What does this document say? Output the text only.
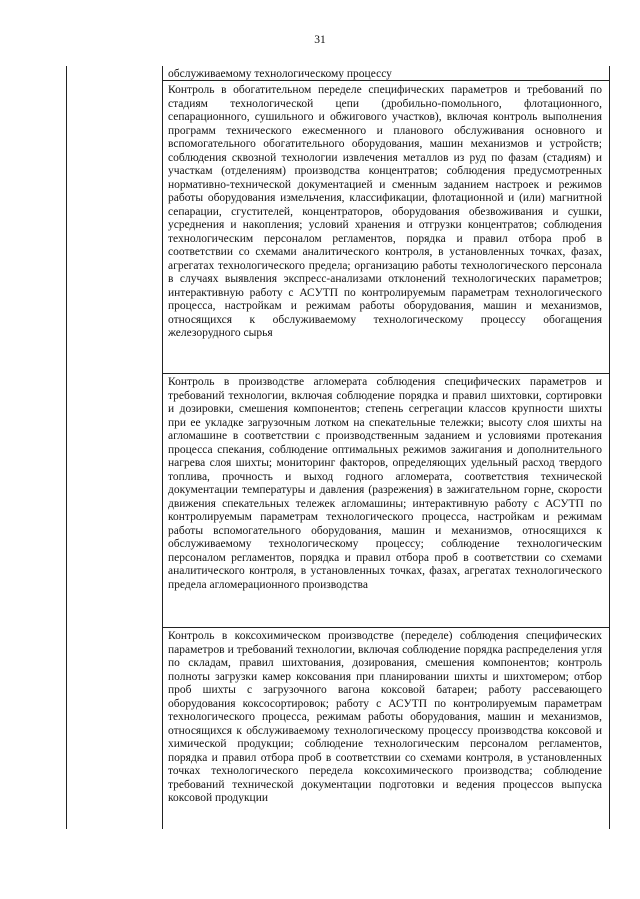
31
обслуживаемому технологическому процессу
Контроль в обогатительном переделе специфических параметров и требований по стадиям технологической цепи (дробильно-помольного, флотационного, сепарационного, сушильного и обжигового участков), включая контроль выполнения программ технического ежесменного и планового обслуживания основного и вспомогательного обогатительного оборудования, машин механизмов и устройств; соблюдения сквозной технологии извлечения металлов из руд по фазам (стадиям) и участкам (отделениям) производства концентратов; соблюдения предусмотренных нормативно-технической документацией и сменным заданием настроек и режимов работы оборудования измельчения, классификации, флотационной и (или) магнитной сепарации, сгустителей, концентраторов, оборудования обезвоживания и сушки, усреднения и накопления; условий хранения и отгрузки концентратов; соблюдения технологическим персоналом регламентов, порядка и правил отбора проб в соответствии со схемами аналитического контроля, в установленных точках, фазах, агрегатах технологического предела; организацию работы технологического персонала в случаях выявления экспресс-анализами отклонений технологических параметров; интерактивную работу с АСУТП по контролируемым параметрам технологического процесса, настройкам и режимам работы оборудования, машин и механизмов, относящихся к обслуживаемому технологическому процессу обогащения железорудного сырья
Контроль в производстве агломерата соблюдения специфических параметров и требований технологии, включая соблюдение порядка и правил шихтовки, сортировки и дозировки, смешения компонентов; степень сегрегации классов крупности шихты при ее укладке загрузочным лотком на спекательные тележки; высоту слоя шихты на агломашине в соответствии с производственным заданием и условиями протекания процесса спекания, соблюдение оптимальных режимов зажигания и дополнительного нагрева слоя шихты; мониторинг факторов, определяющих удельный расход твердого топлива, прочность и выход годного агломерата, соответствия технической документации температуры и давления (разрежения) в зажигательном горне, скорости движения спекательных тележек агломашины; интерактивную работу с АСУТП по контролируемым параметрам технологического процесса, настройкам и режимам работы вспомогательного оборудования, машин и механизмов, относящихся к обслуживаемому технологическому процессу; соблюдение технологическим персоналом регламентов, порядка и правил отбора проб в соответствии со схемами аналитического контроля, в установленных точках, фазах, агрегатах технологического предела агломерационного производства
Контроль в коксохимическом производстве (переделе) соблюдения специфических параметров и требований технологии, включая соблюдение порядка распределения угля по складам, правил шихтования, дозирования, смешения компонентов; контроль полноты загрузки камер коксования при планировании шихты и шихтомером; отбор проб шихты с загрузочного вагона коксовой батареи; работу рассевающего оборудования коксосортировок; работу с АСУТП по контролируемым параметрам технологического процесса, режимам работы оборудования, машин и механизмов, относящихся к обслуживаемому технологическому процессу производства коксовой и химической продукции; соблюдение технологическим персоналом регламентов, порядка и правил отбора проб в соответствии со схемами контроля, в установленных точках технологического передела коксохимического производства; соблюдение требований технической документации подготовки и ведения процессов выпуска коксовой продукции
